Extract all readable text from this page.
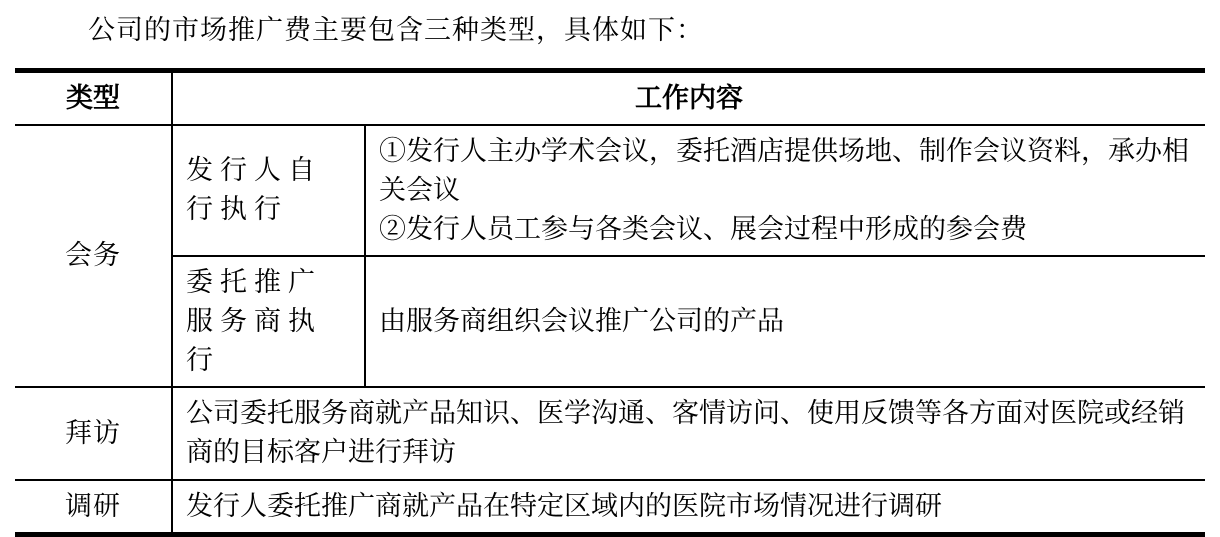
公司的市场推广费主要包含三种类型，具体如下：

类型	工作内容	
会务	发行人自行执行	①发行人主办学术会议，委托酒店提供场地、制作会议资料，承办相关会议
②发行人员工参与各类会议、展会过程中形成的参会费

	委托推广服务商执行	由服务商组织会议推广公司的产品
拜访	公司委托服务商就产品知识、医学沟通、客情访问、使用反馈等各方面对医院或经销商的目标客户进行拜访	
调研	发行人委托推广商就产品在特定区域内的医院市场情况进行调研	
